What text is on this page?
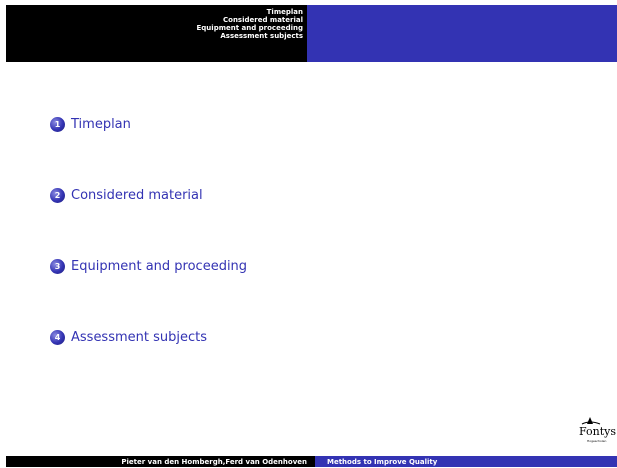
Timeplan
Considered material
Equipment and proceeding
Assessment subjects
1 Timeplan
2 Considered material
3 Equipment and proceeding
4 Assessment subjects
Fontys
Hogescholen
Pieter van den Hombergh,Ferd van Odenhoven	Methods to Improve Quality
